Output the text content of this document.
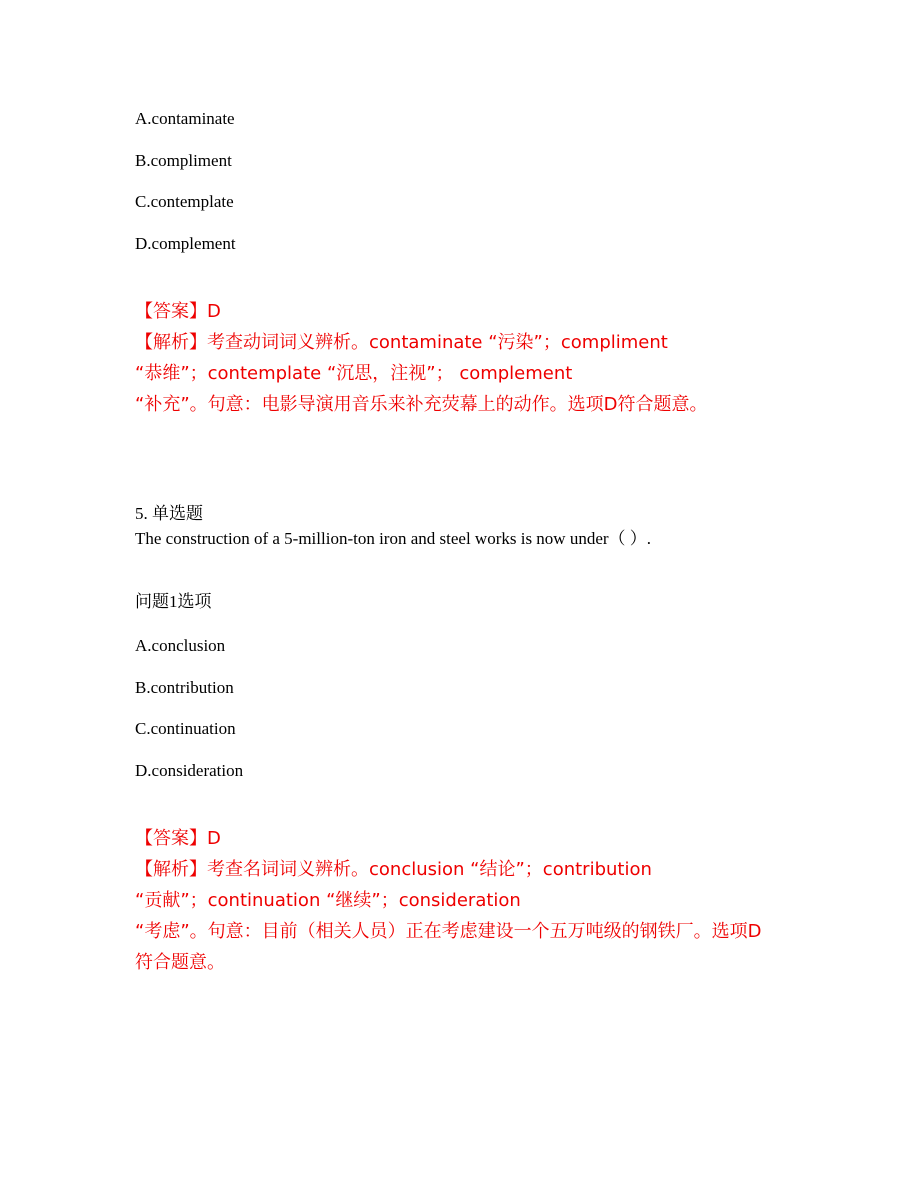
A.contaminate
B.compliment
C.contemplate
D.complement
【答案】D
【解析】考查动词词义辨析。contaminate “污染”；compliment
“恭维”；contemplate “沉思，注视”； complement
“补充”。句意：电影导演用音乐来补充荧幕上的动作。选项D符合题意。
5. 单选题
The construction of a 5-million-ton iron and steel works is now under（ ）.
问题1选项
A.conclusion
B.contribution
C.continuation
D.consideration
【答案】D
【解析】考查名词词义辨析。conclusion “结论”；contribution
“贡献”；continuation “继续”；consideration
“考虑”。句意：目前（相关人员）正在考虑建设一个五万吨级的钢铁厂。选项D
符合题意。
